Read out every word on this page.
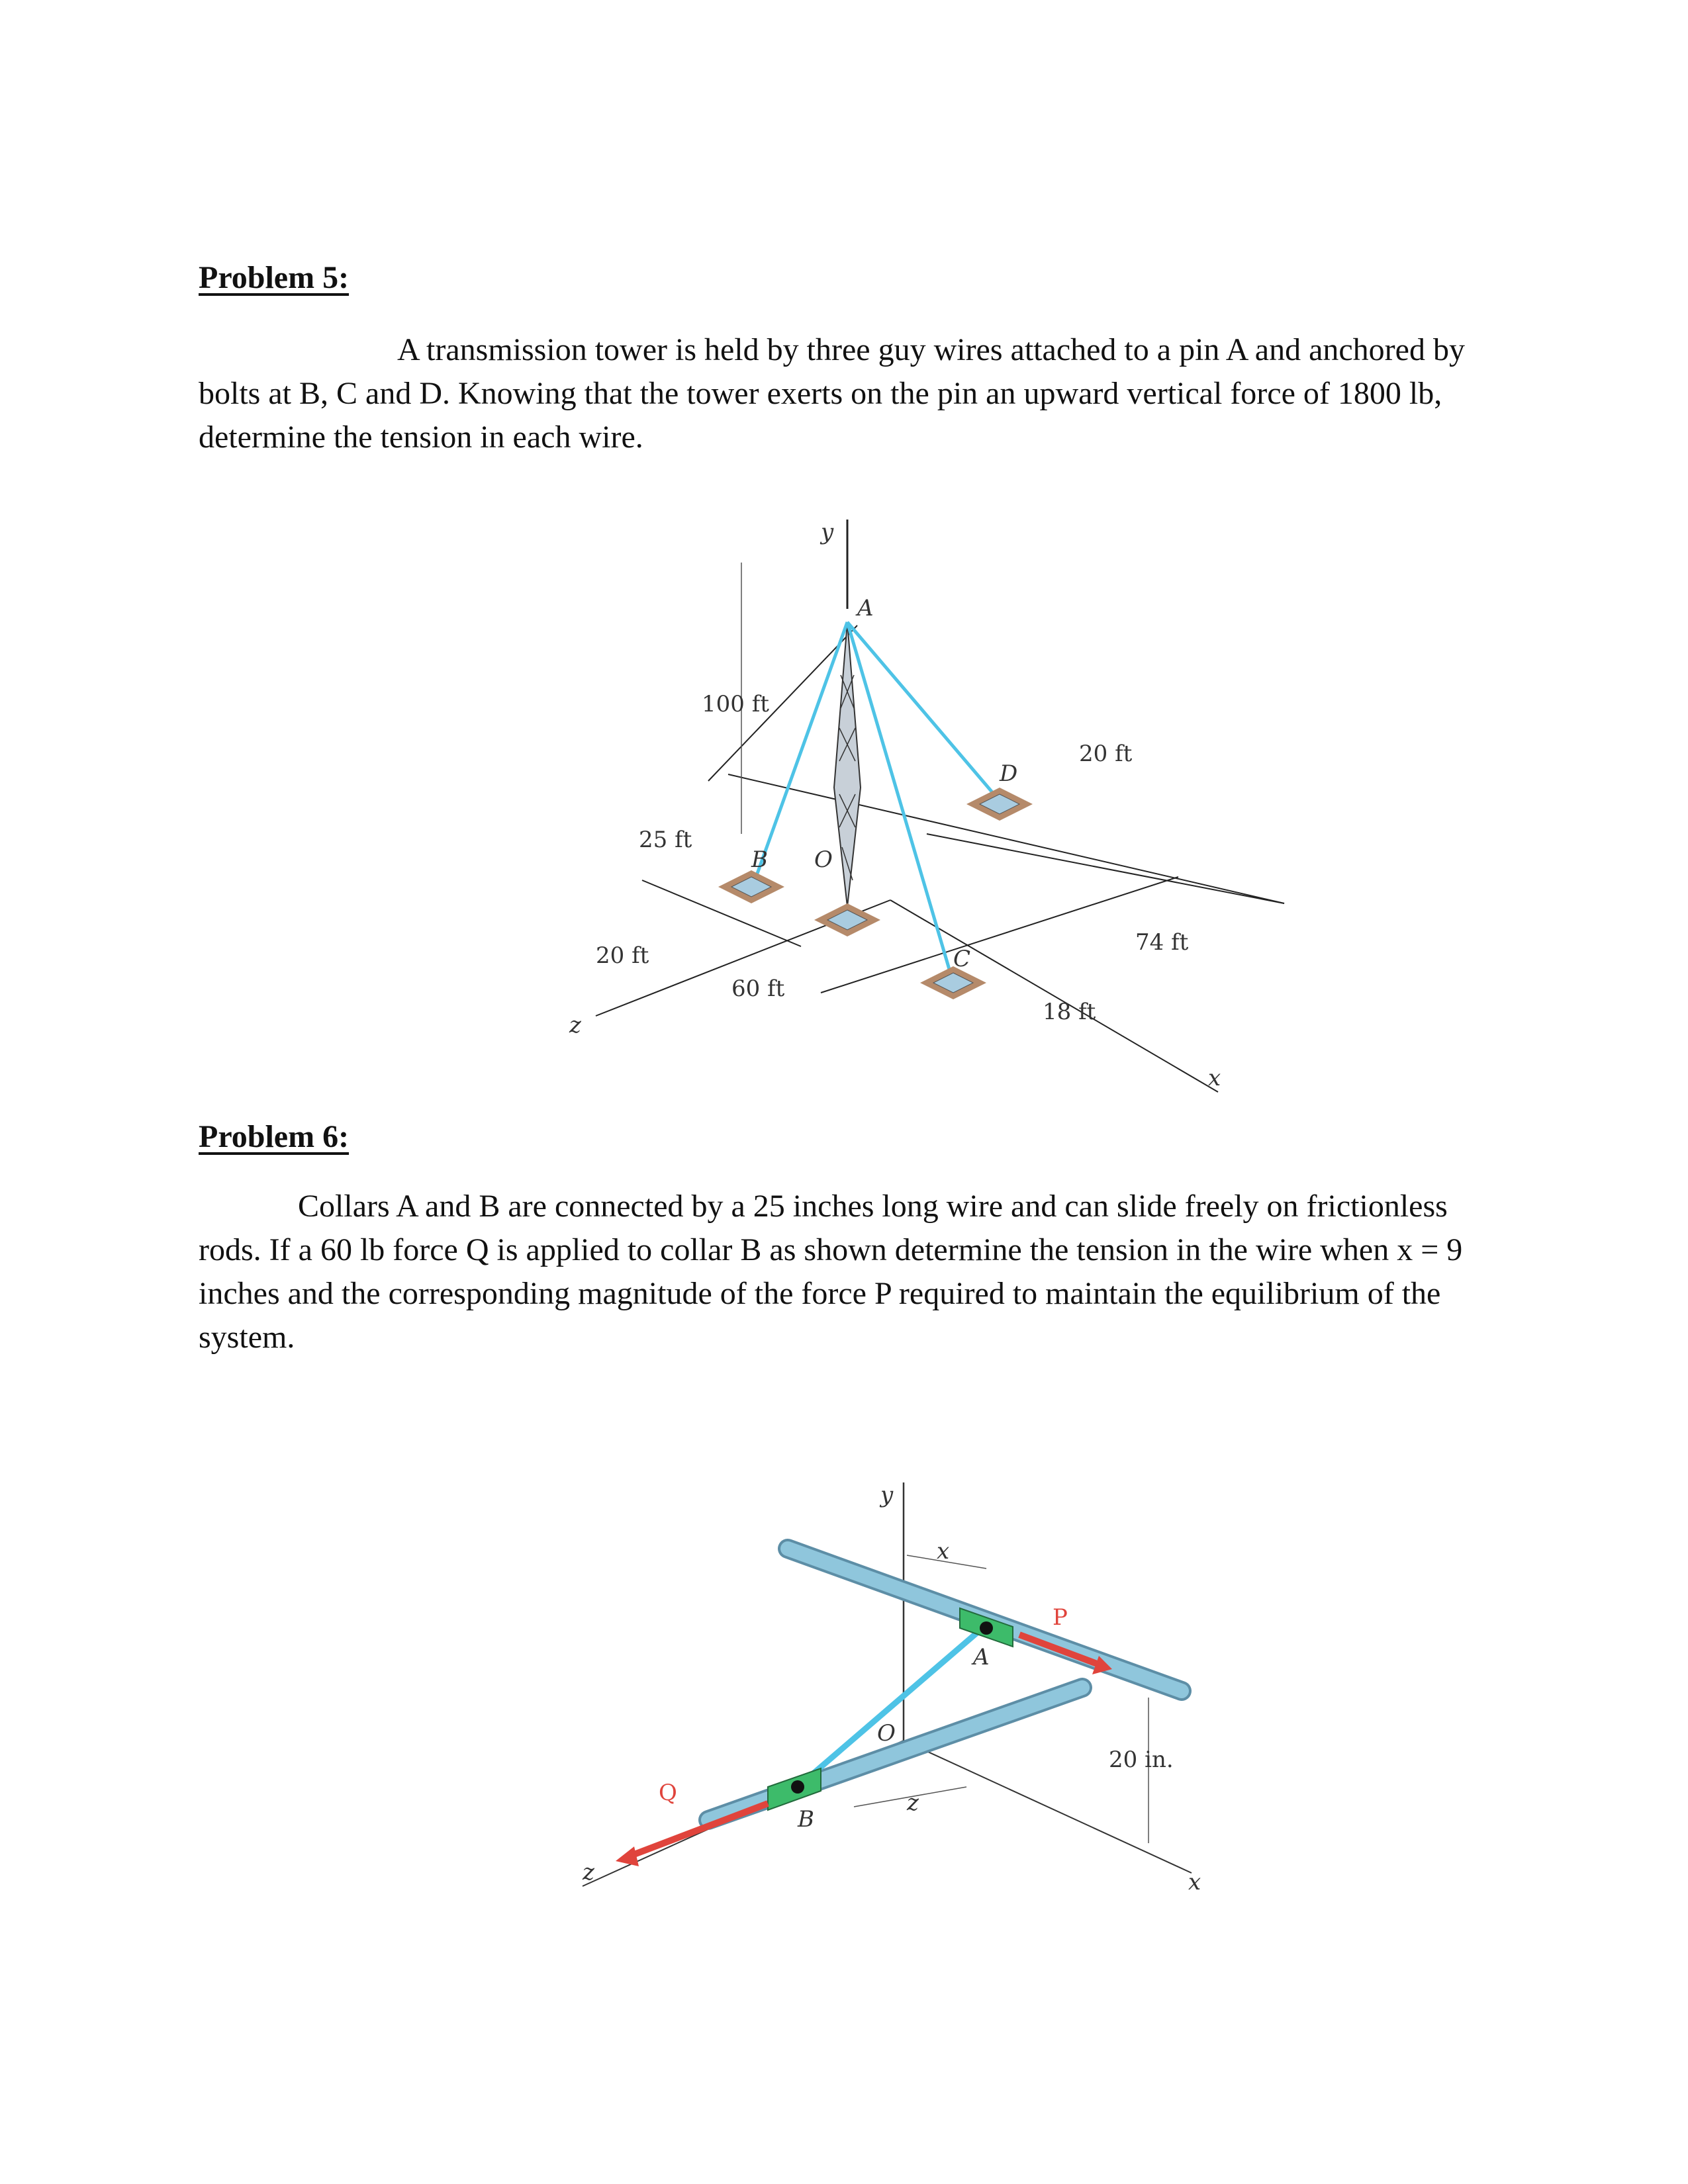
Problem 5:

A transmission tower is held by three guy wires attached to a pin A and anchored by bolts at B, C and D. Knowing that the tower exerts on the pin an upward vertical force of 1800 lb, determine the tension in each wire.

y
z
x
A
B
C
D
O
100 ft
25 ft
20 ft
60 ft
20 ft
74 ft
18 ft
Problem 6:

Collars A and B are connected by a 25 inches long wire and can slide freely on frictionless rods. If a 60 lb force Q is applied to collar B as shown determine the tension in the wire when x = 9 inches and the corresponding magnitude of the force P required to maintain the equilibrium of the system.

y
x
z
A
B
O
P
Q
x
z
20 in.
